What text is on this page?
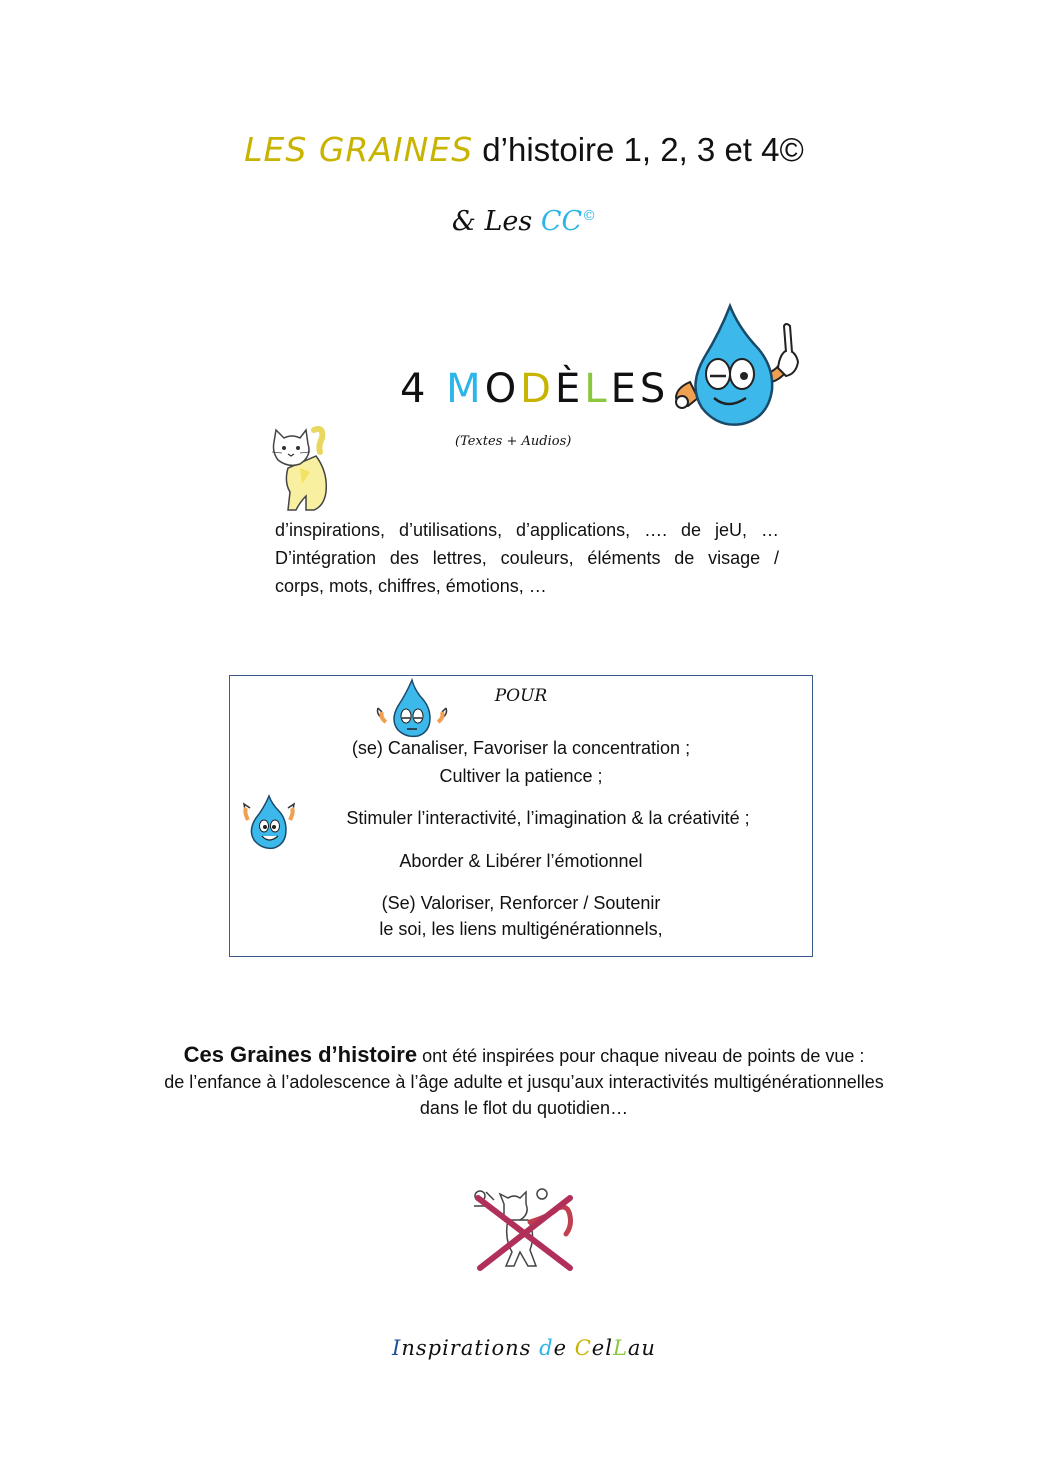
LES GRAINES d’histoire 1, 2, 3 et 4©
& Les CC©
4 MODÈLES
(Textes + Audios)
d’inspirations, d’utilisations, d’applications, …. de jeU, …
D’intégration des lettres, couleurs, éléments de visage /
corps, mots, chiffres, émotions, …
POUR
(se) Canaliser, Favoriser la concentration ;
Cultiver la patience ;
Stimuler l’interactivité, l’imagination & la créativité ;
Aborder & Libérer l’émotionnel
(Se) Valoriser, Renforcer / Soutenir
le soi, les liens multigénérationnels,
Ces Graines d’histoire ont été inspirées pour chaque niveau de points de vue :
de l’enfance à l’adolescence à l’âge adulte et jusqu’aux interactivités multigénérationnelles
dans le flot du quotidien…
Inspirations de CelLau
